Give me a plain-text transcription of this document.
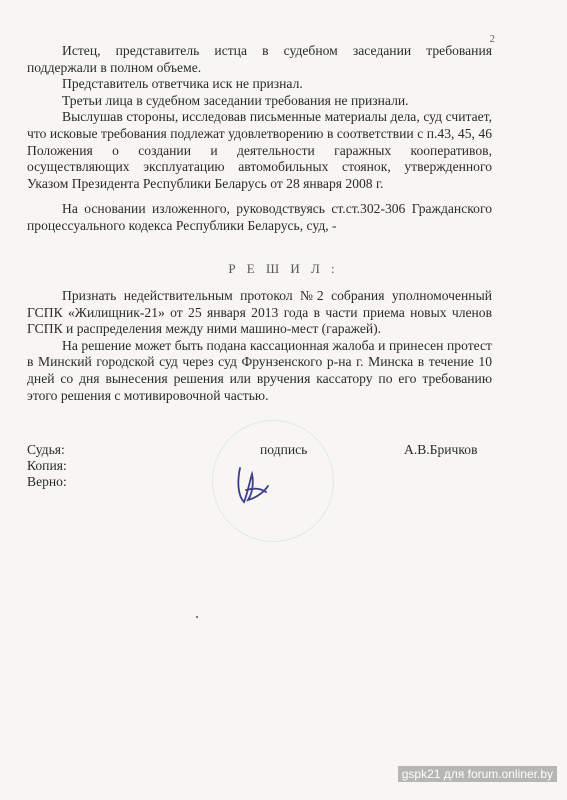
2

Истец, представитель истца в судебном заседании требования поддержали в полном объеме.

Представитель ответчика иск не признал.

Третьи лица в судебном заседании требования не признали.

Выслушав стороны, исследовав письменные материалы дела, суд считает, что исковые требования подлежат удовлетворению в соответствии с п.43, 45, 46 Положения о создании и деятельности гаражных кооперативов, осуществляющих эксплуатацию автомобильных стоянок, утвержденного Указом Президента Республики Беларусь от 28 января 2008 г.

На основании изложенного, руководствуясь ст.ст.302-306 Гражданского процессуального кодекса Республики Беларусь, суд, -

Р Е Ш И Л :

Признать недействительным протокол №2 собрания уполномоченный ГСПК «Жилищник-21» от 25 января 2013 года в части приема новых членов ГСПК и распределения между ними машино-мест (гаражей).

На решение может быть подана кассационная жалоба и принесен протест в Минский городской суд через суд Фрунзенского р-на г. Минска в течение 10 дней со дня вынесения решения или вручения кассатору по его требованию этого решения с мотивировочной частью.

Судья:	подпись	А.В.Бричков
Копия:
Верно:
gspk21 для forum.onliner.by
